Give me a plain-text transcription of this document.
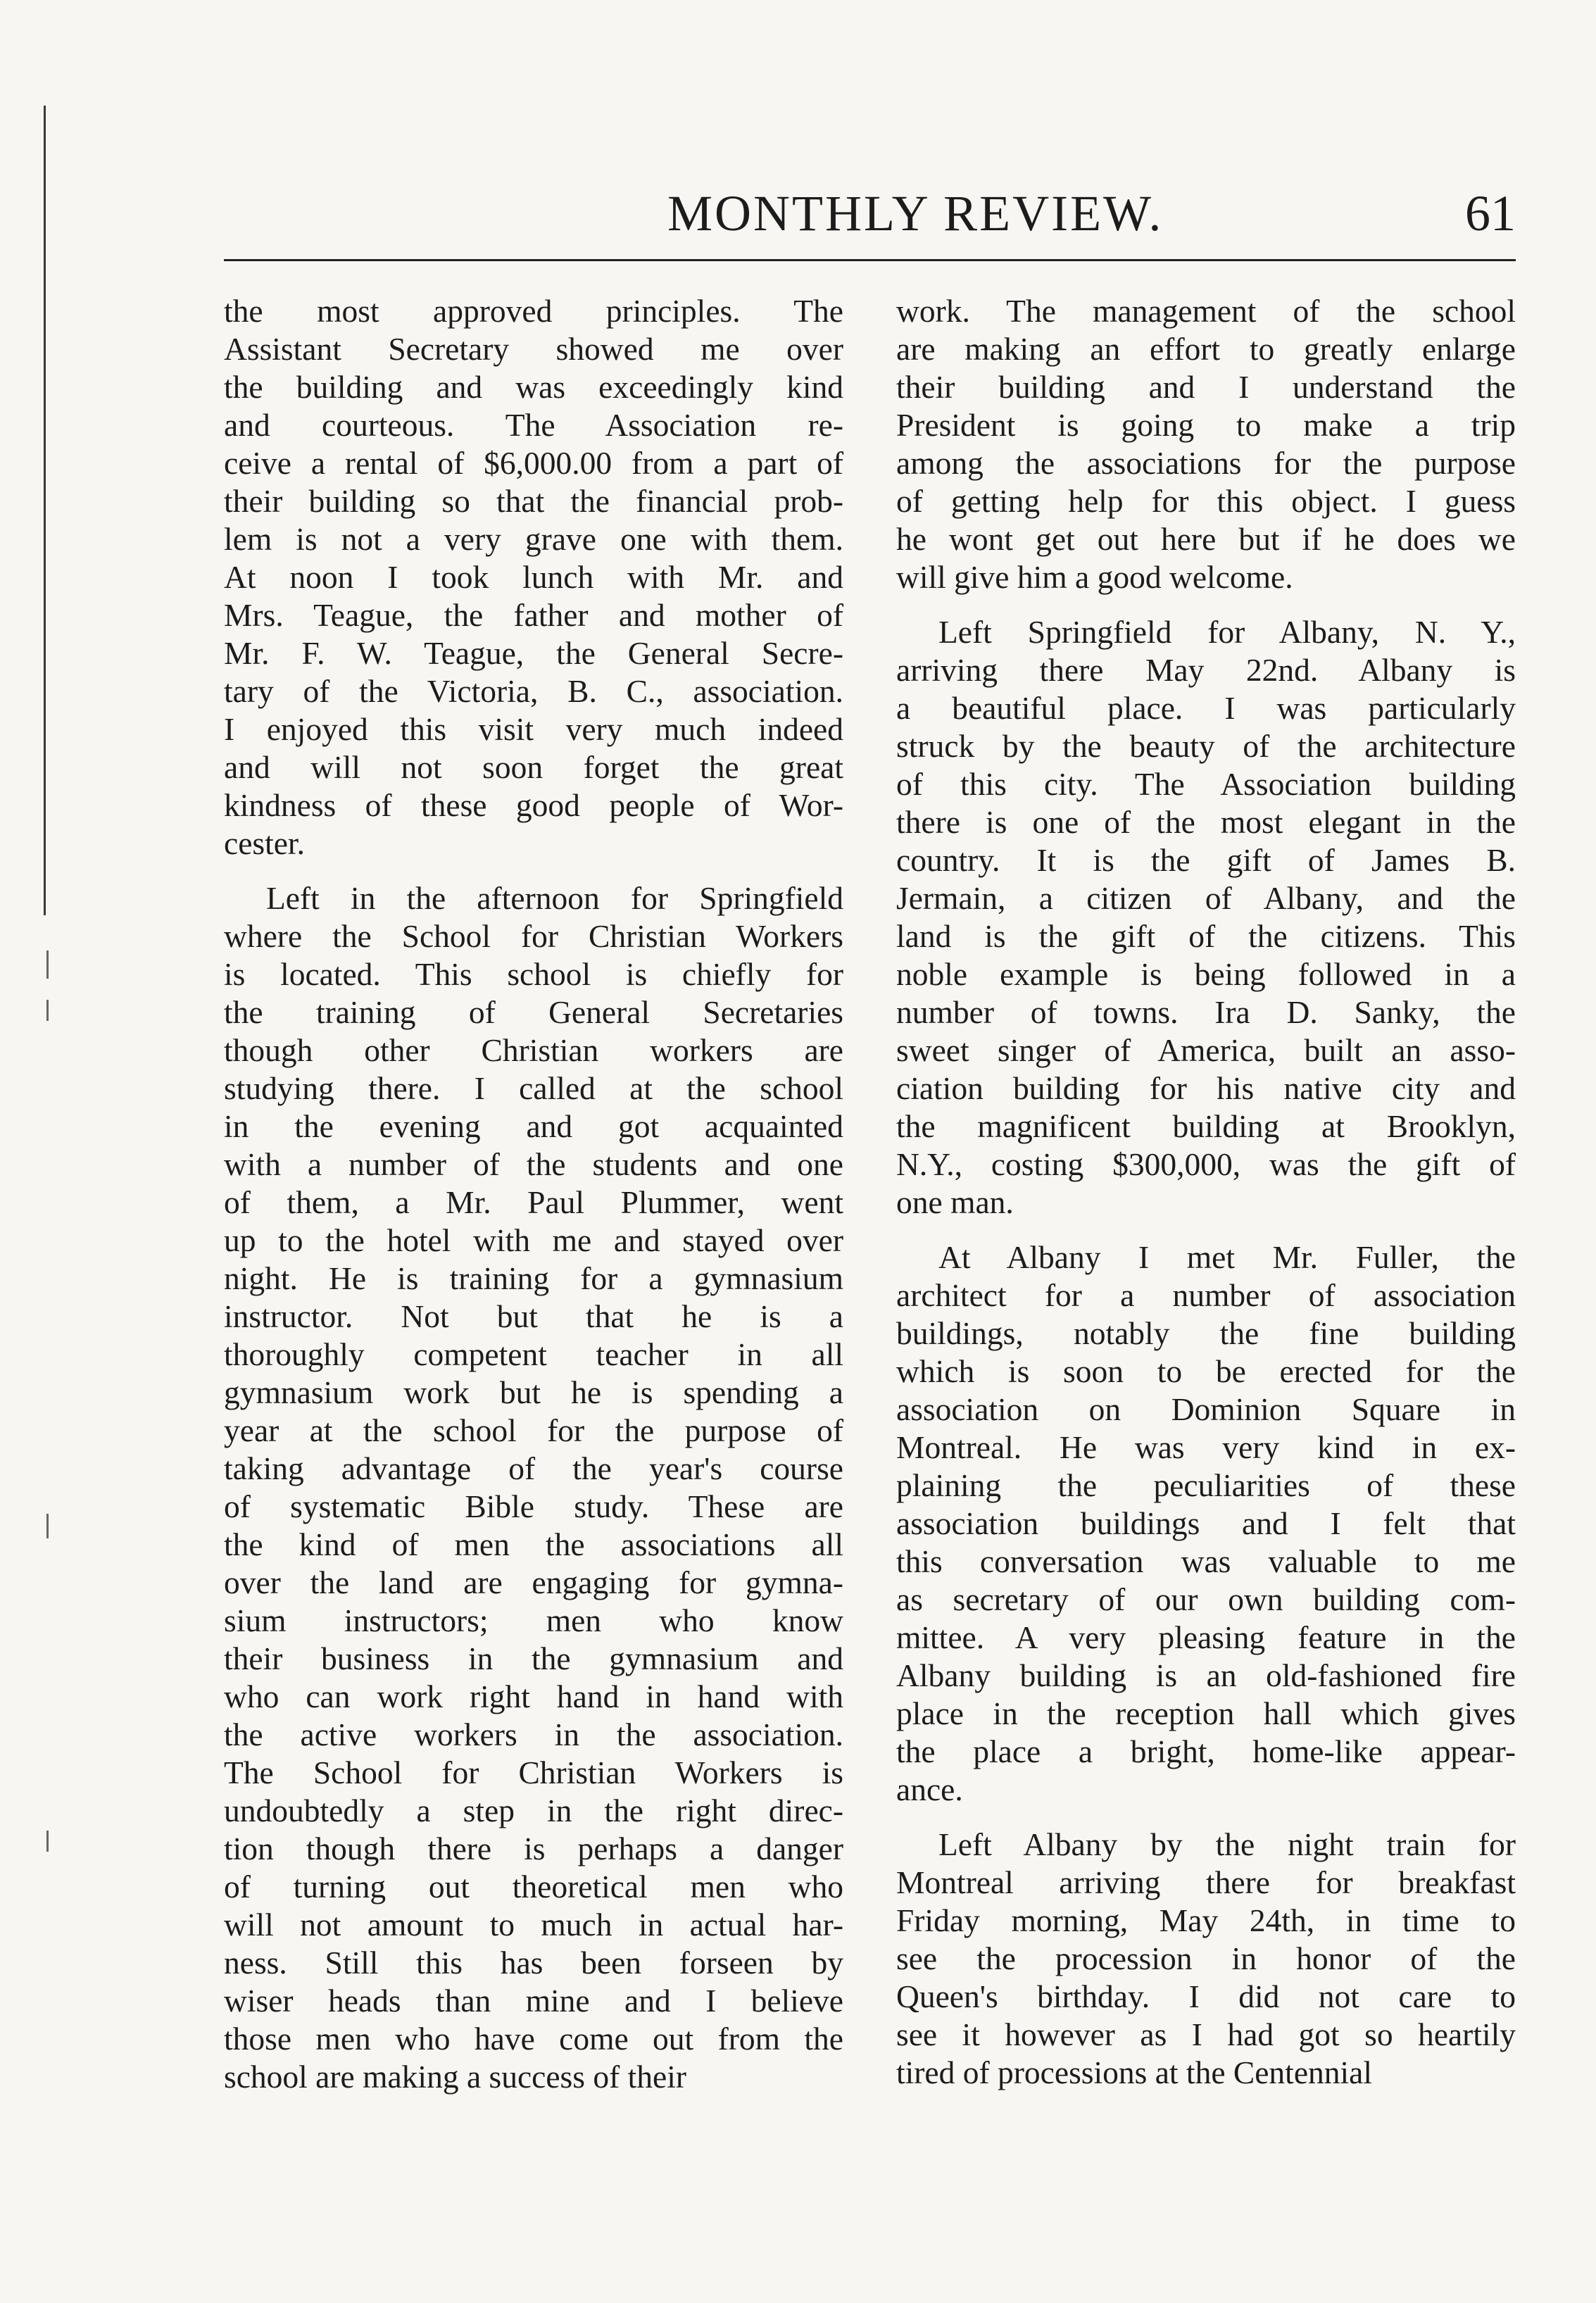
MONTHLY REVIEW.	61
the most approved principles. The
Assistant Secretary showed me over
the building and was exceedingly kind
and courteous. The Association re-
ceive a rental of $6,000.00 from a part of
their building so that the financial prob-
lem is not a very grave one with them.
At noon I took lunch with Mr. and
Mrs. Teague, the father and mother of
Mr. F. W. Teague, the General Secre-
tary of the Victoria, B. C., association.
I enjoyed this visit very much indeed
and will not soon forget the great
kindness of these good people of Wor-
cester.
Left in the afternoon for Springfield
where the School for Christian Workers
is located. This school is chiefly for
the training of General Secretaries
though other Christian workers are
studying there. I called at the school
in the evening and got acquainted
with a number of the students and one
of them, a Mr. Paul Plummer, went
up to the hotel with me and stayed over
night. He is training for a gymnasium
instructor. Not but that he is a
thoroughly competent teacher in all
gymnasium work but he is spending a
year at the school for the purpose of
taking advantage of the year's course
of systematic Bible study. These are
the kind of men the associations all
over the land are engaging for gymna-
sium instructors; men who know
their business in the gymnasium and
who can work right hand in hand with
the active workers in the association.
The School for Christian Workers is
undoubtedly a step in the right direc-
tion though there is perhaps a danger
of turning out theoretical men who
will not amount to much in actual har-
ness. Still this has been forseen by
wiser heads than mine and I believe
those men who have come out from the
school are making a success of their
work. The management of the school
are making an effort to greatly enlarge
their building and I understand the
President is going to make a trip
among the associations for the purpose
of getting help for this object. I guess
he wont get out here but if he does we
will give him a good welcome.
Left Springfield for Albany, N. Y.,
arriving there May 22nd. Albany is
a beautiful place. I was particularly
struck by the beauty of the architecture
of this city. The Association building
there is one of the most elegant in the
country. It is the gift of James B.
Jermain, a citizen of Albany, and the
land is the gift of the citizens. This
noble example is being followed in a
number of towns. Ira D. Sanky, the
sweet singer of America, built an asso-
ciation building for his native city and
the magnificent building at Brooklyn,
N.Y., costing $300,000, was the gift of
one man.
At Albany I met Mr. Fuller, the
architect for a number of association
buildings, notably the fine building
which is soon to be erected for the
association on Dominion Square in
Montreal. He was very kind in ex-
plaining the peculiarities of these
association buildings and I felt that
this conversation was valuable to me
as secretary of our own building com-
mittee. A very pleasing feature in the
Albany building is an old-fashioned fire
place in the reception hall which gives
the place a bright, home-like appear-
ance.
Left Albany by the night train for
Montreal arriving there for breakfast
Friday morning, May 24th, in time to
see the procession in honor of the
Queen's birthday. I did not care to
see it however as I had got so heartily
tired of processions at the Centennial
